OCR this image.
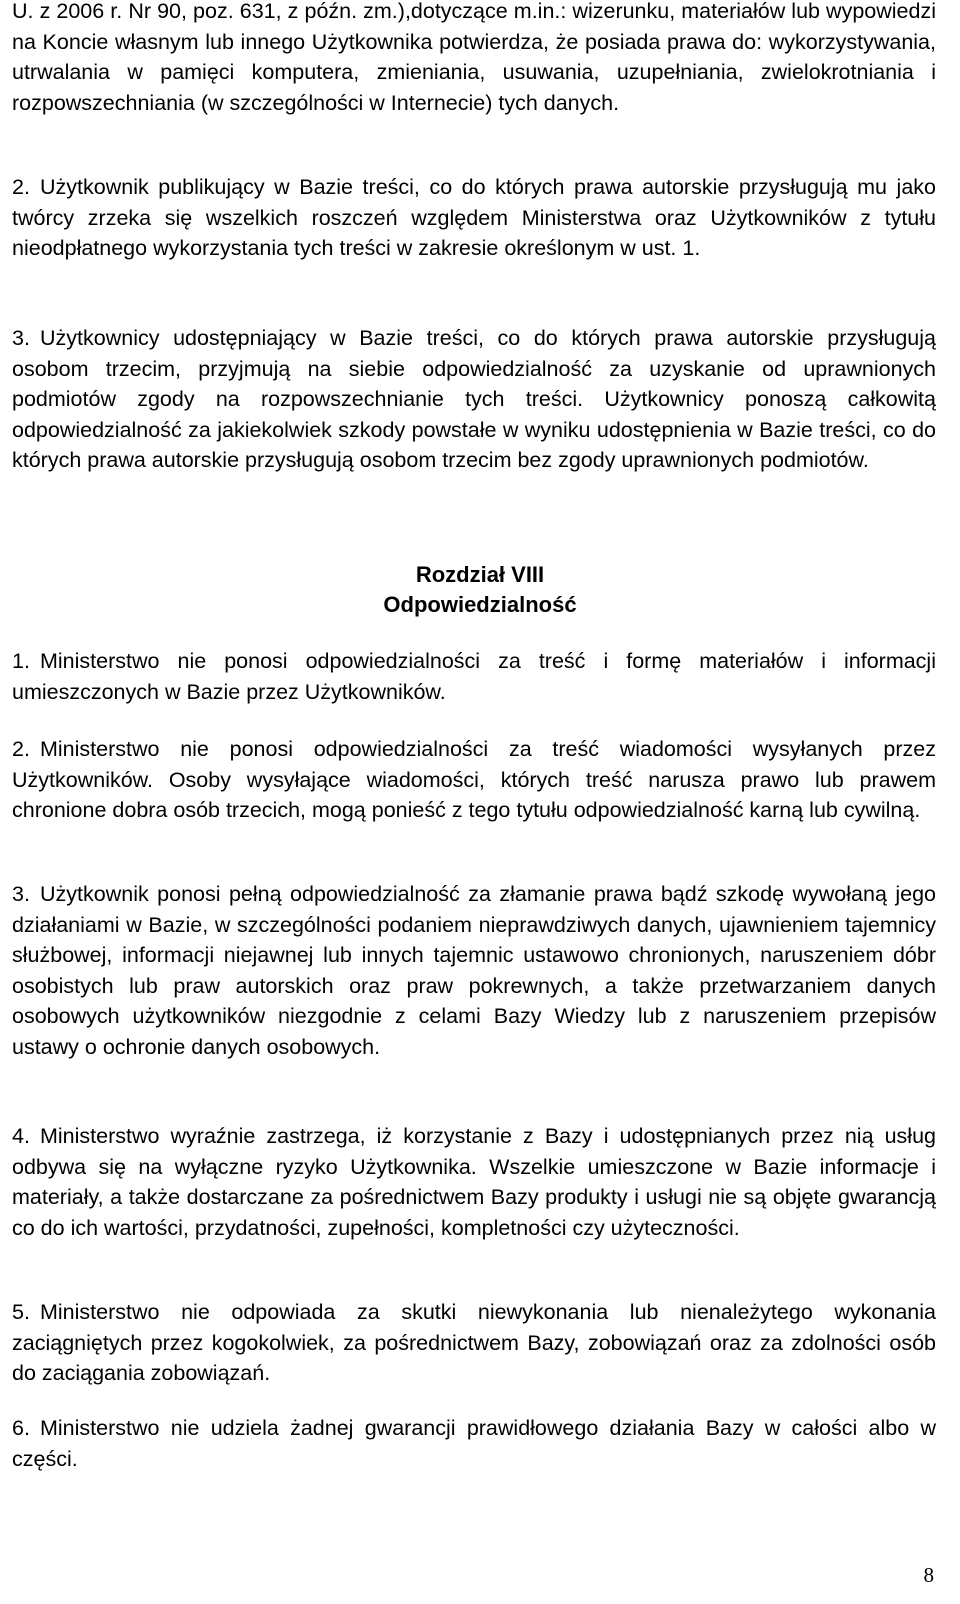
U. z 2006 r. Nr 90, poz. 631, z późn. zm.),dotyczące m.in.: wizerunku, materiałów lub wypowiedzi na Koncie własnym lub innego Użytkownika potwierdza, że posiada prawa do: wykorzystywania, utrwalania w pamięci komputera, zmieniania, usuwania, uzupełniania, zwielokrotniania i rozpowszechniania (w szczególności w Internecie) tych danych.

2. Użytkownik publikujący w Bazie treści, co do których prawa autorskie przysługują mu jako twórcy zrzeka się wszelkich roszczeń względem Ministerstwa oraz Użytkowników z tytułu nieodpłatnego wykorzystania tych treści w zakresie określonym w ust. 1.

3. Użytkownicy udostępniający w Bazie treści, co do których prawa autorskie przysługują osobom trzecim, przyjmują na siebie odpowiedzialność za uzyskanie od uprawnionych podmiotów zgody na rozpowszechnianie tych treści. Użytkownicy ponoszą całkowitą odpowiedzialność za jakiekolwiek szkody powstałe w wyniku udostępnienia w Bazie treści, co do których prawa autorskie przysługują osobom trzecim bez zgody uprawnionych podmiotów.

Rozdział VIII

Odpowiedzialność

1. Ministerstwo nie ponosi odpowiedzialności za treść i formę materiałów i informacji umieszczonych w Bazie przez Użytkowników.

2. Ministerstwo nie ponosi odpowiedzialności za treść wiadomości wysyłanych przez Użytkowników. Osoby wysyłające wiadomości, których treść narusza prawo lub prawem chronione dobra osób trzecich, mogą ponieść z tego tytułu odpowiedzialność karną lub cywilną.

3. Użytkownik ponosi pełną odpowiedzialność za złamanie prawa bądź szkodę wywołaną jego działaniami w Bazie, w szczególności podaniem nieprawdziwych danych, ujawnieniem tajemnicy służbowej, informacji niejawnej lub innych tajemnic ustawowo chronionych, naruszeniem dóbr osobistych lub praw autorskich oraz praw pokrewnych, a także przetwarzaniem danych osobowych użytkowników niezgodnie z celami Bazy Wiedzy lub z naruszeniem przepisów ustawy o ochronie danych osobowych.

4. Ministerstwo wyraźnie zastrzega, iż korzystanie z Bazy i udostępnianych przez nią usług odbywa się na wyłączne ryzyko Użytkownika. Wszelkie umieszczone w Bazie informacje i materiały, a także dostarczane za pośrednictwem Bazy produkty i usługi nie są objęte gwarancją co do ich wartości, przydatności, zupełności, kompletności czy użyteczności.

5. Ministerstwo nie odpowiada za skutki niewykonania lub nienależytego wykonania zaciągniętych przez kogokolwiek, za pośrednictwem Bazy, zobowiązań oraz za zdolności osób do zaciągania zobowiązań.

6. Ministerstwo nie udziela żadnej gwarancji prawidłowego działania Bazy w całości albo w części.

8
